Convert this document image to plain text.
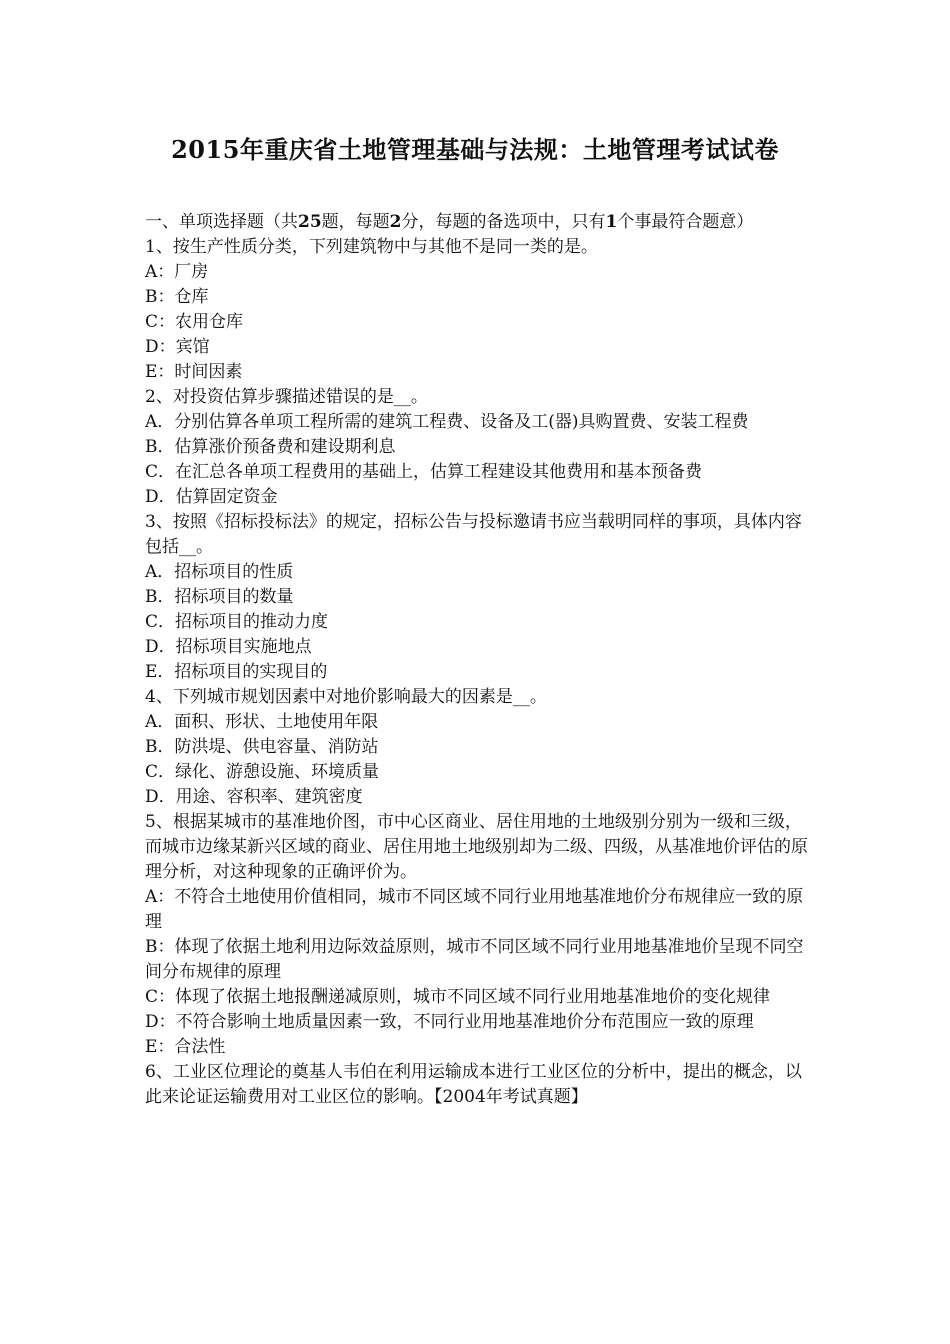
2015年重庆省土地管理基础与法规：土地管理考试试卷

一、单项选择题（共25题，每题2分，每题的备选项中，只有1个事最符合题意）

1、按生产性质分类，下列建筑物中与其他不是同一类的是。

A：厂房

B：仓库

C：农用仓库

D：宾馆

E：时间因素

2、对投资估算步骤描述错误的是__。

A．分别估算各单项工程所需的建筑工程费、设备及工(器)具购置费、安装工程费

B．估算涨价预备费和建设期利息

C．在汇总各单项工程费用的基础上，估算工程建设其他费用和基本预备费

D．估算固定资金

3、按照《招标投标法》的规定，招标公告与投标邀请书应当载明同样的事项，具体内容包括__。

A．招标项目的性质

B．招标项目的数量

C．招标项目的推动力度

D．招标项目实施地点

E．招标项目的实现目的

4、下列城市规划因素中对地价影响最大的因素是__。

A．面积、形状、土地使用年限

B．防洪堤、供电容量、消防站

C．绿化、游憩设施、环境质量

D．用途、容积率、建筑密度

5、根据某城市的基准地价图，市中心区商业、居住用地的土地级别分别为一级和三级，而城市边缘某新兴区域的商业、居住用地土地级别却为二级、四级，从基准地价评估的原理分析，对这种现象的正确评价为。

A：不符合土地使用价值相同，城市不同区域不同行业用地基准地价分布规律应一致的原理

B：体现了依据土地利用边际效益原则，城市不同区域不同行业用地基准地价呈现不同空间分布规律的原理

C：体现了依据土地报酬递减原则，城市不同区域不同行业用地基准地价的变化规律

D：不符合影响土地质量因素一致，不同行业用地基准地价分布范围应一致的原理

E：合法性

6、工业区位理论的奠基人韦伯在利用运输成本进行工业区位的分析中，提出的概念，以此来论证运输费用对工业区位的影响。【2004年考试真题】
